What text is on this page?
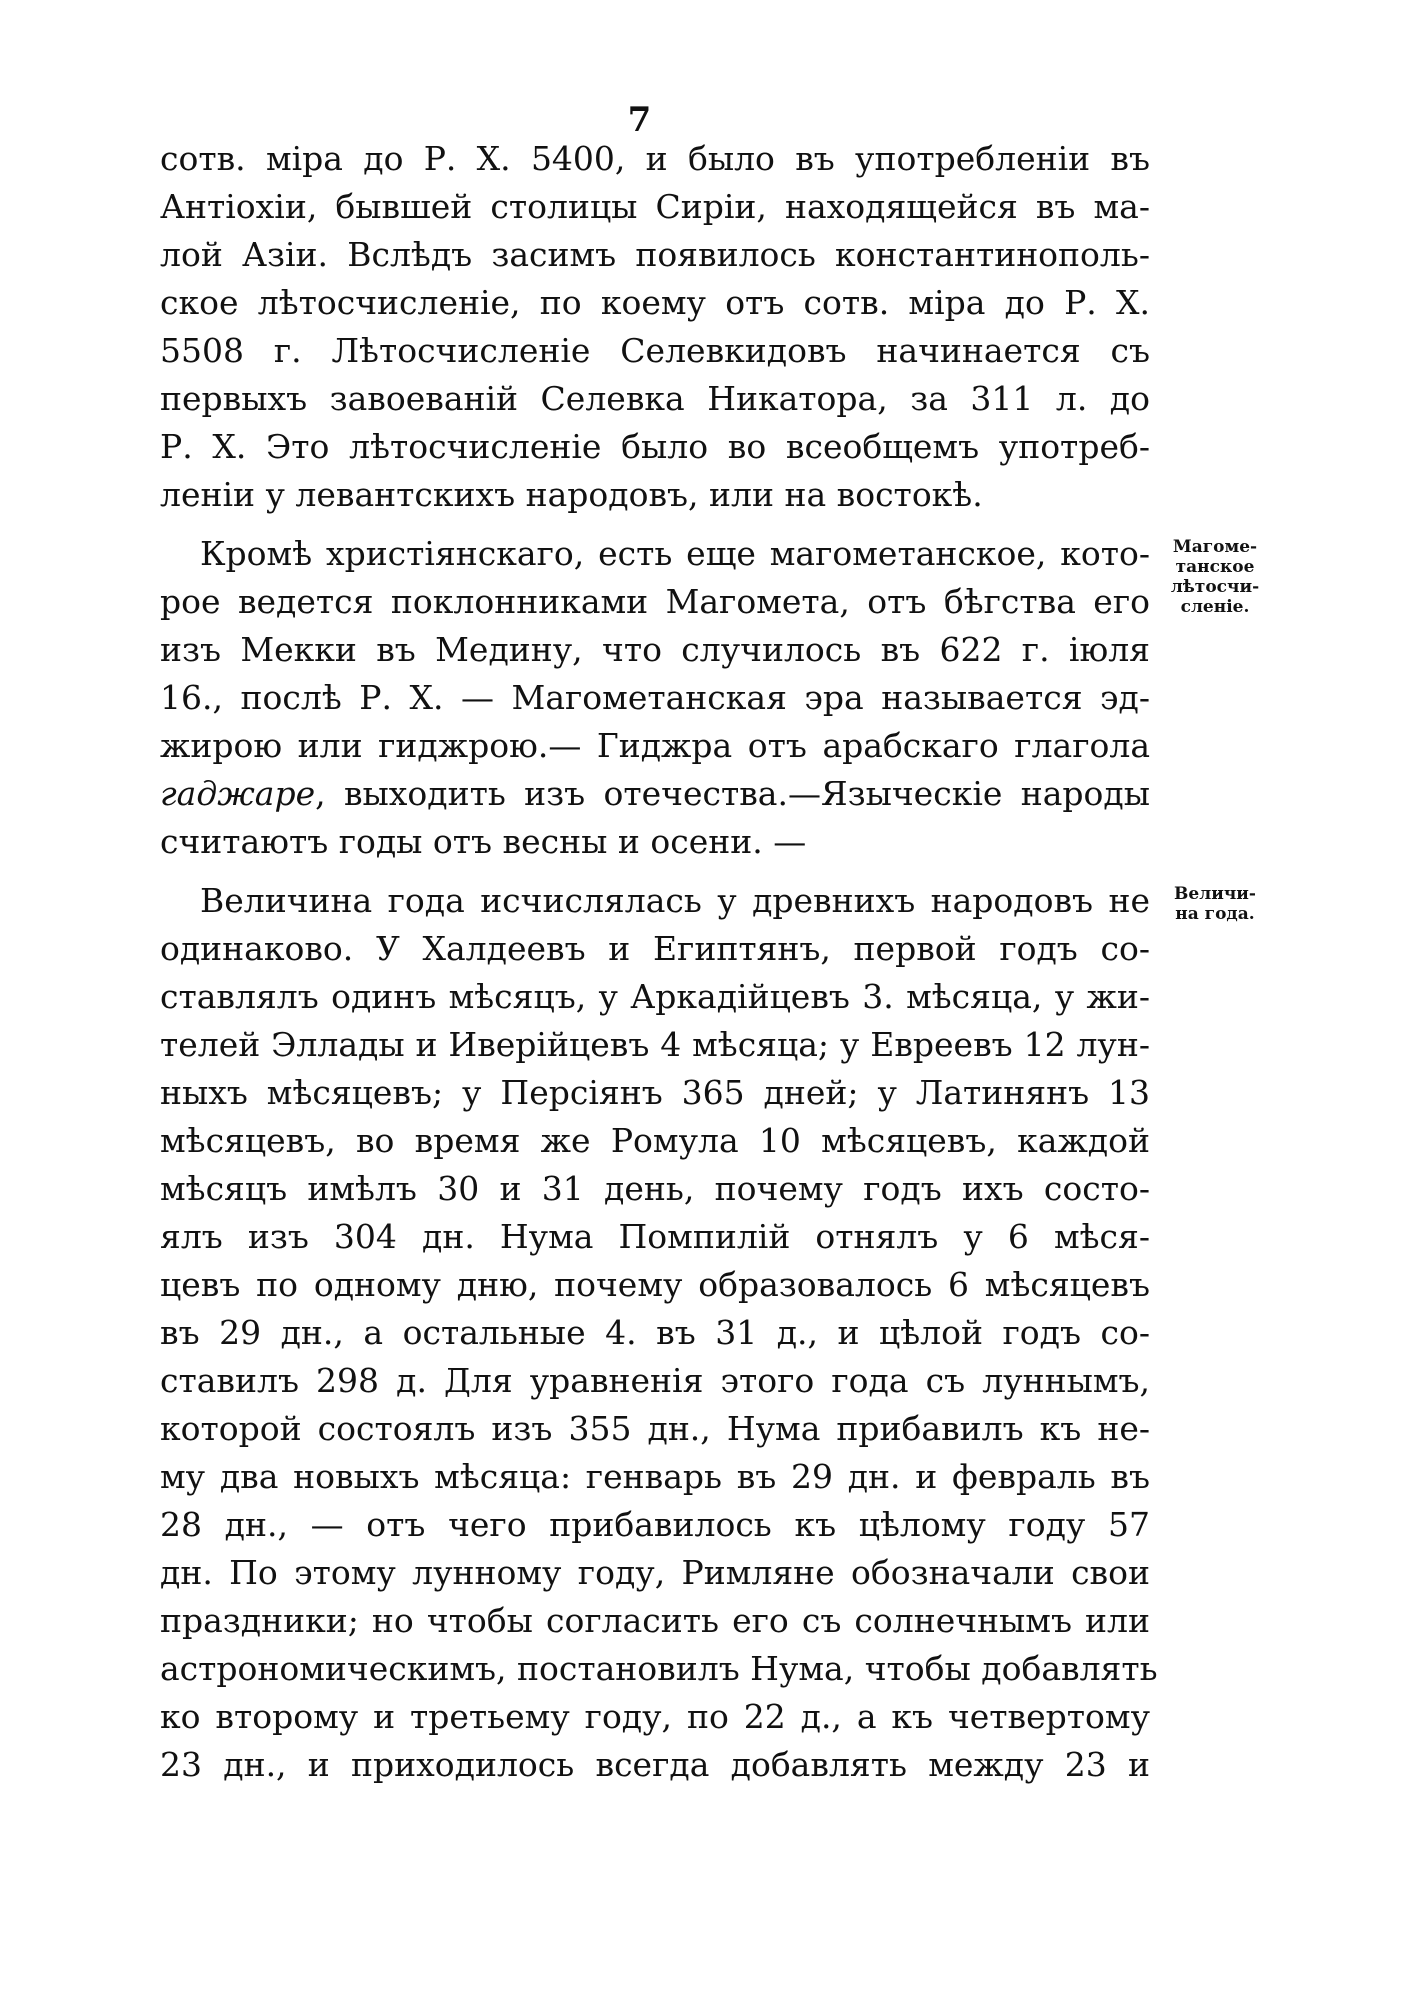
7
сотв. міра до Р. Х. 5400, и было въ употребленіи въ
Антіохіи, бывшей столицы Сиріи, находящейся въ ма-
лой Азіи. Вслѣдъ засимъ появилось константинополь-
ское лѣтосчисленіе, по коему отъ сотв. міра до Р. Х.
5508 г. Лѣтосчисленіе Селевкидовъ начинается съ
первыхъ завоеваній Селевка Никатора, за 311 л. до
Р. Х. Это лѣтосчисленіе было во всеобщемъ употреб-
леніи у левантскихъ народовъ, или на востокѣ.
Кромѣ христіянскаго, есть еще магометанское, кото-
рое ведется поклонниками Магомета, отъ бѣгства его
изъ Мекки въ Медину, что случилось въ 622 г. іюля
16., послѣ Р. Х. — Магометанская эра называется эд-
жирою или гиджрою.— Гиджра отъ арабскаго глагола
гаджаре, выходить изъ отечества.—Языческіе народы
считаютъ годы отъ весны и осени. —
Величина года исчислялась у древнихъ народовъ не
одинаково. У Халдеевъ и Египтянъ, первой годъ со-
ставлялъ одинъ мѣсяцъ, у Аркадійцевъ 3. мѣсяца, у жи-
телей Эллады и Иверійцевъ 4 мѣсяца; у Евреевъ 12 лун-
ныхъ мѣсяцевъ; у Персіянъ 365 дней; у Латинянъ 13
мѣсяцевъ, во время же Ромула 10 мѣсяцевъ, каждой
мѣсяцъ имѣлъ 30 и 31 день, почему годъ ихъ состо-
ялъ изъ 304 дн. Нума Помпилій отнялъ у 6 мѣся-
цевъ по одному дню, почему образовалось 6 мѣсяцевъ
въ 29 дн., а остальные 4. въ 31 д., и цѣлой годъ со-
ставилъ 298 д. Для уравненія этого года съ луннымъ,
которой состоялъ изъ 355 дн., Нума прибавилъ къ не-
му два новыхъ мѣсяца: генварь въ 29 дн. и февраль въ
28 дн., — отъ чего прибавилось къ цѣлому году 57
дн. По этому лунному году, Римляне обозначали свои
праздники; но чтобы согласить его съ солнечнымъ или
астрономическимъ, постановилъ Нума, чтобы добавлять
ко второму и третьему году, по 22 д., а къ четвертому
23 дн., и приходилось всегда добавлять между 23 и
Магоме-
танское
лѣтосчи-
сленіе.
Величи-
на года.
